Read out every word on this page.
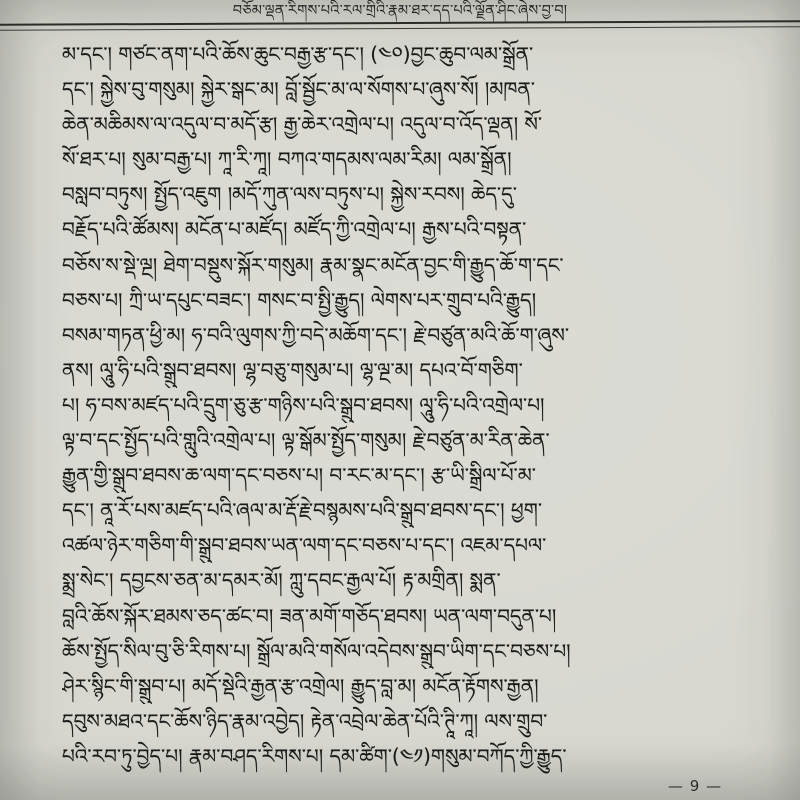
བཅོམ་ལྡན་རིགས་པའི་རལ་གྲིའི་རྣམ་ཐར་དད་པའི་ལྗོན་ཤིང་ཞེས་བྱ་བ།
མ་དང་། གཙང་ནག་པའི་ཆོས་ཆུང་བརྒྱ་རྩ་དང་། (༤༠)བྱང་ཆུབ་ལམ་སྒྲོན་
དང་། སྐྱེས་བུ་གསུམ། སྐྱེར་སྒང་མ། བློ་སྦྱོང་མ་ལ་སོགས་པ་ཞུས་སོ། །མཁན་
ཆེན་མཆིམས་ལ་འདུལ་བ་མདོ་རྩ། རྒྱ་ཆེར་འགྲེལ་པ། འདུལ་བ་འོད་ལྡན། སོ་
སོ་ཐར་པ། སུམ་བརྒྱ་པ། ཀཱ་རི་ཀཱ། བཀའ་གདམས་ལམ་རིམ། ལམ་སྒྲོན།
བསླབ་བཏུས། སྤྱོད་འཇུག །མདོ་ཀུན་ལས་བཏུས་པ། སྐྱེས་རབས། ཆེད་དུ་
བརྗོད་པའི་ཚོམས། མངོན་པ་མཛོད། མཛོད་ཀྱི་འགྲེལ་པ། རྒྱས་པའི་བསྟན་
བཅོས་ས་སྡེ་ལྔ། ཐེག་བསྡུས་སྐོར་གསུམ། རྣམ་སྣང་མངོན་བྱང་གི་རྒྱུད་ཆོ་ག་དང་
བཅས་པ། ཀྲི་ཡ་དཔུང་བཟང་། གསང་བ་སྤྱི་རྒྱུད། ལེགས་པར་གྲུབ་པའི་རྒྱུད།
བསམ་གཏན་ཕྱི་མ། ཧ་བའི་ལུགས་ཀྱི་བདེ་མཆོག་དང་། རྗེ་བཙུན་མའི་ཆོ་ག་ཞུས་
ནས། ལཱུ་ཧི་པའི་སྒྲུབ་ཐབས། ལྷ་བཅུ་གསུམ་པ། ལྷ་ལྔ་མ། དཔའ་བོ་གཅིག་
པ། ཧ་བས་མཛད་པའི་དྲུག་ཅུ་རྩ་གཉིས་པའི་སྒྲུབ་ཐབས། ལཱུ་ཧི་པའི་འགྲེལ་པ།
ལྟ་བ་དང་སྤྱོད་པའི་གླུའི་འགྲེལ་པ། ལྟ་སྒོམ་སྤྱོད་གསུམ། རྗེ་བཙུན་མ་རིན་ཆེན་
རྒྱུན་གྱི་སྒྲུབ་ཐབས་ཆ་ལག་དང་བཅས་པ། བ་རང་མ་དང་། རྩ་ཡི་སྒྲིལ་པོ་མ་
དང་། ནཱ་རོ་པས་མཛད་པའི་ཞལ་མ་རྡོ་རྗེ་བསྙམས་པའི་སྒྲུབ་ཐབས་དང་། ཕྱག་
འཚལ་ཉེར་གཅིག་གི་སྒྲུབ་ཐབས་ཡན་ལག་དང་བཅས་པ་དང་། འཇམ་དཔལ་
སྨྲ་སེང་། དབྱངས་ཅན་མ་དམར་མོ། ཀླུ་དབང་རྒྱལ་པོ། རྟ་མགྲིན། སྨན་
བླའི་ཆོས་སྐོར་ཐམས་ཅད་ཚང་བ། ཟན་མགོ་གཅོད་ཐབས། ཡན་ལག་བདུན་པ།
ཆོས་སྤྱོད་སིལ་བུ་ཅི་རིགས་པ། སྒྲོལ་མའི་གསོལ་འདེབས་སྒྲུབ་ཡིག་དང་བཅས་པ།
ཤེར་སྙིང་གི་སྒྲུབ་པ། མདོ་སྡེའི་རྒྱན་རྩ་འགྲེལ། རྒྱུད་བླ་མ། མངོན་རྟོགས་རྒྱན།
དབུས་མཐའ་དང་ཆོས་ཉིད་རྣམ་འབྱེད། རྟེན་འབྲེལ་ཆེན་པོའི་ཊཱི་ཀཱ། ལས་གྲུབ་
པའི་རབ་ཏུ་བྱེད་པ། རྣམ་བཤད་རིགས་པ། དམ་ཚིག་(༤༡)གསུམ་བཀོད་ཀྱི་རྒྱུད་
— 9 —
